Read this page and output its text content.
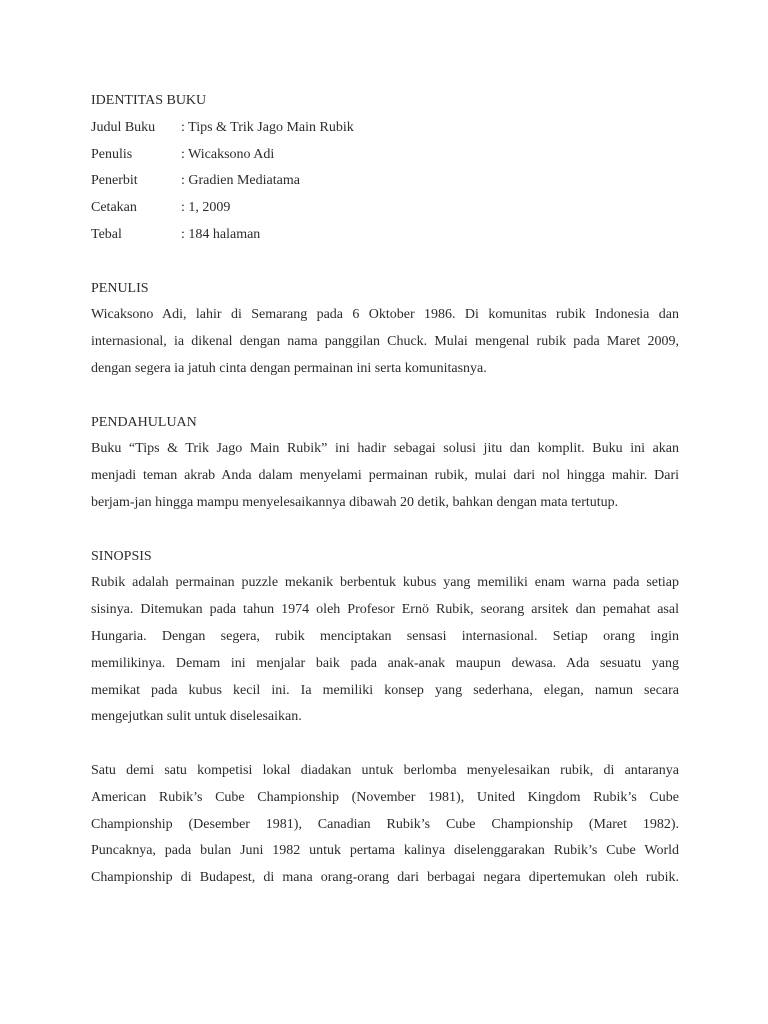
IDENTITAS BUKU
Judul Buku	: Tips & Trik Jago Main Rubik
Penulis	: Wicaksono Adi
Penerbit	: Gradien Mediatama
Cetakan	: 1, 2009
Tebal	: 184 halaman
PENULIS
Wicaksono Adi, lahir di Semarang pada 6 Oktober 1986. Di komunitas rubik Indonesia dan
internasional, ia dikenal dengan nama panggilan Chuck. Mulai mengenal rubik pada Maret 2009,
dengan segera ia jatuh cinta dengan permainan ini serta komunitasnya.
PENDAHULUAN
Buku “Tips & Trik Jago Main Rubik” ini hadir sebagai solusi jitu dan komplit. Buku ini akan
menjadi teman akrab Anda dalam menyelami permainan rubik, mulai dari nol hingga mahir. Dari
berjam-jan hingga mampu menyelesaikannya dibawah 20 detik, bahkan dengan mata tertutup.
SINOPSIS
Rubik adalah permainan puzzle mekanik berbentuk kubus yang memiliki enam warna pada setiap
sisinya. Ditemukan pada tahun 1974 oleh Profesor Ernö Rubik, seorang arsitek dan pemahat asal
Hungaria. Dengan segera, rubik menciptakan sensasi internasional. Setiap orang ingin
memilikinya. Demam ini menjalar baik pada anak-anak maupun dewasa. Ada sesuatu yang
memikat pada kubus kecil ini. Ia memiliki konsep yang sederhana, elegan, namun secara
mengejutkan sulit untuk diselesaikan.
Satu demi satu kompetisi lokal diadakan untuk berlomba menyelesaikan rubik, di antaranya
American Rubik’s Cube Championship (November 1981), United Kingdom Rubik’s Cube
Championship (Desember 1981), Canadian Rubik’s Cube Championship (Maret 1982).
Puncaknya, pada bulan Juni 1982 untuk pertama kalinya diselenggarakan Rubik’s Cube World
Championship di Budapest, di mana orang-orang dari berbagai negara dipertemukan oleh rubik.
